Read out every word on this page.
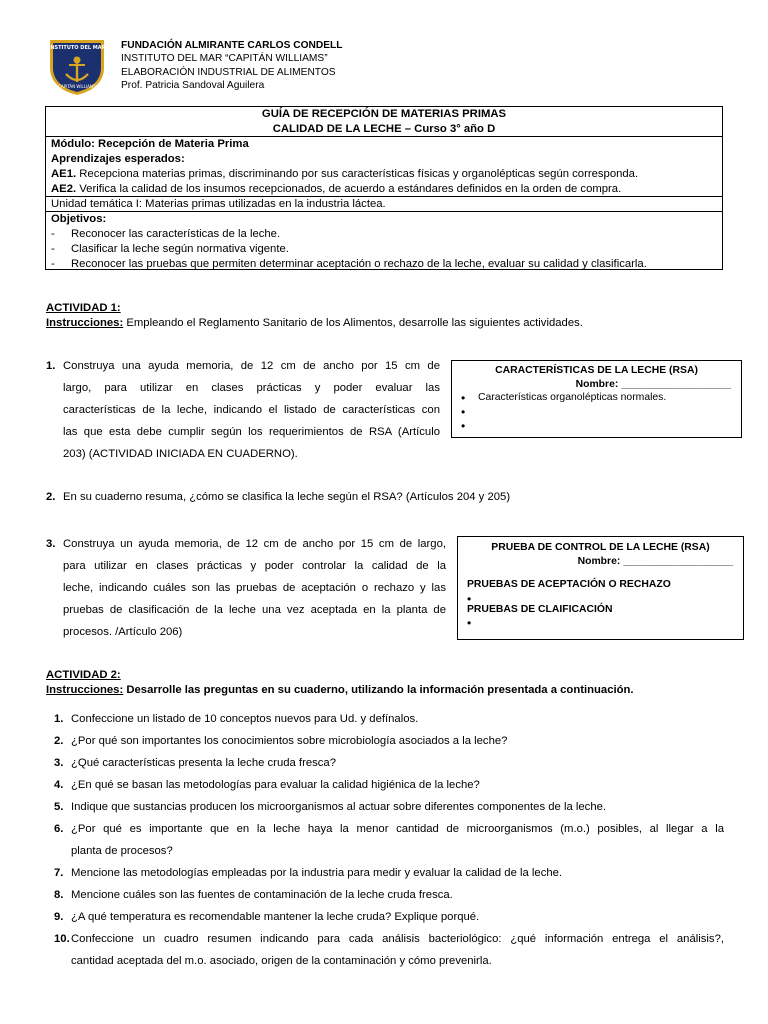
INSTITUTO DEL MAR
CAPITÁN WILLIAMS
FUNDACIÓN ALMIRANTE CARLOS CONDELL
INSTITUTO DEL MAR “CAPITÁN WILLIAMS”
ELABORACIÓN INDUSTRIAL DE ALIMENTOS
Prof. Patricia Sandoval Aguilera
GUÍA DE RECEPCIÓN DE MATERIAS PRIMAS
CALIDAD DE LA LECHE – Curso 3° año D
Módulo: Recepción de Materia Prima
Aprendizajes esperados:
AE1. Recepciona materias primas, discriminando por sus características físicas y organolépticas según corresponda.
AE2. Verifica la calidad de los insumos recepcionados, de acuerdo a estándares definidos en la orden de compra.
Unidad temática I: Materias primas utilizadas en la industria láctea.
Objetivos:
- Reconocer las características de la leche.
- Clasificar la leche según normativa vigente.
- Reconocer las pruebas que permiten determinar aceptación o rechazo de la leche, evaluar su calidad y clasificarla.
ACTIVIDAD 1:
Instrucciones: Empleando el Reglamento Sanitario de los Alimentos, desarrolle las siguientes actividades.
1. Construya una ayuda memoria, de 12 cm de ancho por 15 cm de
largo, para utilizar en clases prácticas y poder evaluar las
características de la leche, indicando el listado de características con
las que esta debe cumplir según los requerimientos de RSA (Artículo
203) (ACTIVIDAD INICIADA EN CUADERNO).
CARACTERÍSTICAS DE LA LECHE (RSA)
Nombre: ___________________
• Características organolépticas normales.
•
•
2. En su cuaderno resuma, ¿cómo se clasifica la leche según el RSA? (Artículos 204 y 205)
3. Construya un ayuda memoria, de 12 cm de ancho por 15 cm de largo,
para utilizar en clases prácticas y poder controlar la calidad de la
leche, indicando cuáles son las pruebas de aceptación o rechazo y las
pruebas de clasificación de la leche una vez aceptada en la planta de
procesos. /Artículo 206)
PRUEBA DE CONTROL DE LA LECHE (RSA)
Nombre: ___________________
PRUEBAS DE ACEPTACIÓN O RECHAZO
•
PRUEBAS DE CLAIFICACIÓN
•
ACTIVIDAD 2:
Instrucciones: Desarrolle las preguntas en su cuaderno, utilizando la información presentada a continuación.
1. Confeccione un listado de 10 conceptos nuevos para Ud. y defínalos.
2. ¿Por qué son importantes los conocimientos sobre microbiología asociados a la leche?
3. ¿Qué características presenta la leche cruda fresca?
4. ¿En qué se basan las metodologías para evaluar la calidad higiénica de la leche?
5. Indique que sustancias producen los microorganismos al actuar sobre diferentes componentes de la leche.
6. ¿Por qué es importante que en la leche haya la menor cantidad de microorganismos (m.o.) posibles, al llegar a la
planta de procesos?
7. Mencione las metodologías empleadas por la industria para medir y evaluar la calidad de la leche.
8. Mencione cuáles son las fuentes de contaminación de la leche cruda fresca.
9. ¿A qué temperatura es recomendable mantener la leche cruda? Explique porqué.
10. Confeccione un cuadro resumen indicando para cada análisis bacteriológico: ¿qué información entrega el análisis?,
cantidad aceptada del m.o. asociado, origen de la contaminación y cómo prevenirla.
